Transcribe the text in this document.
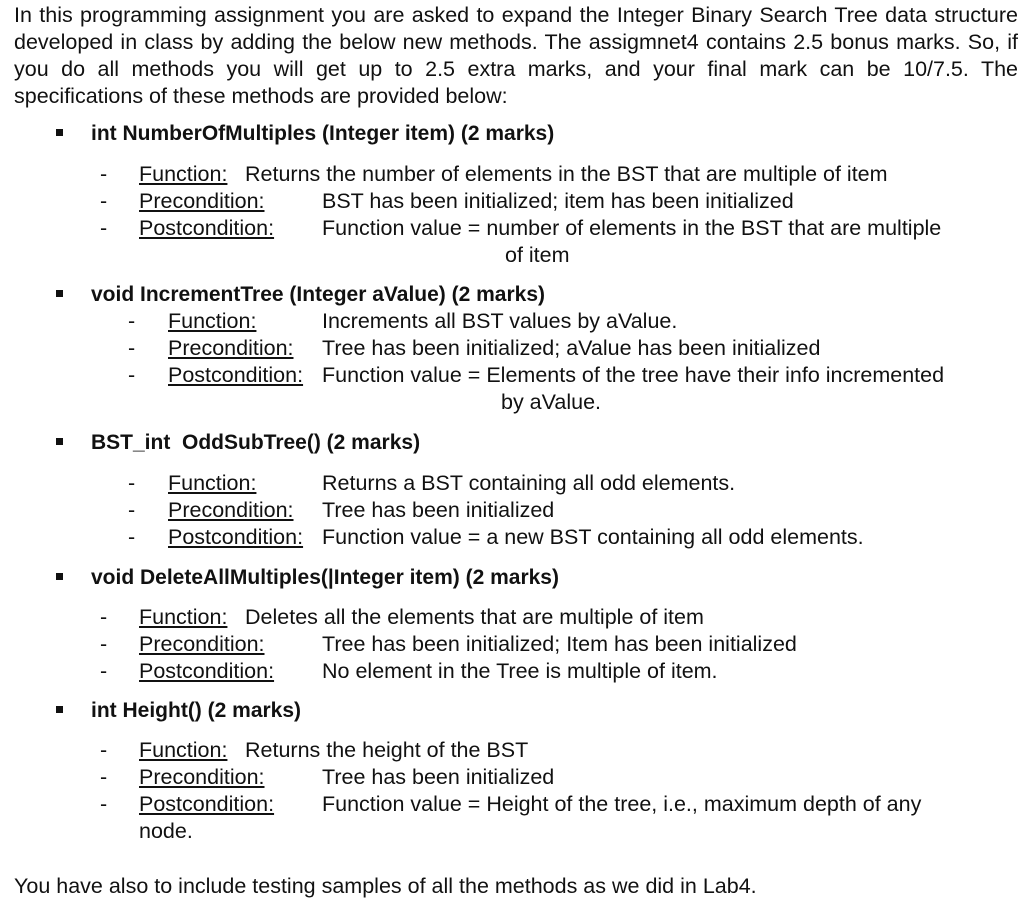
In this programming assignment you are asked to expand the Integer Binary Search Tree data structure developed in class by adding the below new methods. The assigmnet4 contains 2.5 bonus marks. So, if you do all methods you will get up to 2.5 extra marks, and your final mark can be 10/7.5. The specifications of these methods are provided below:
int NumberOfMultiples (Integer item) (2 marks)
- Function: Returns the number of elements in the BST that are multiple of item
- Precondition:	BST has been initialized; item has been initialized
- Postcondition: Function value = number of elements in the BST that are multiple
of item
void IncrementTree (Integer aValue) (2 marks)
- Function:	Increments all BST values by aValue.
- Precondition: Tree has been initialized; aValue has been initialized
- Postcondition: Function value = Elements of the tree have their info incremented
by aValue.
BST_int  OddSubTree() (2 marks)
- Function:	Returns a BST containing all odd elements.
- Precondition: Tree has been initialized
- Postcondition: Function value = a new BST containing all odd elements.
void DeleteAllMultiples(|Integer item) (2 marks)
- Function: Deletes all the elements that are multiple of item
- Precondition:	Tree has been initialized; Item has been initialized
- Postcondition: No element in the Tree is multiple of item.
int Height() (2 marks)
- Function: Returns the height of the BST
- Precondition:	Tree has been initialized
- Postcondition: Function value = Height of the tree, i.e., maximum depth of any
node.
You have also to include testing samples of all the methods as we did in Lab4.
